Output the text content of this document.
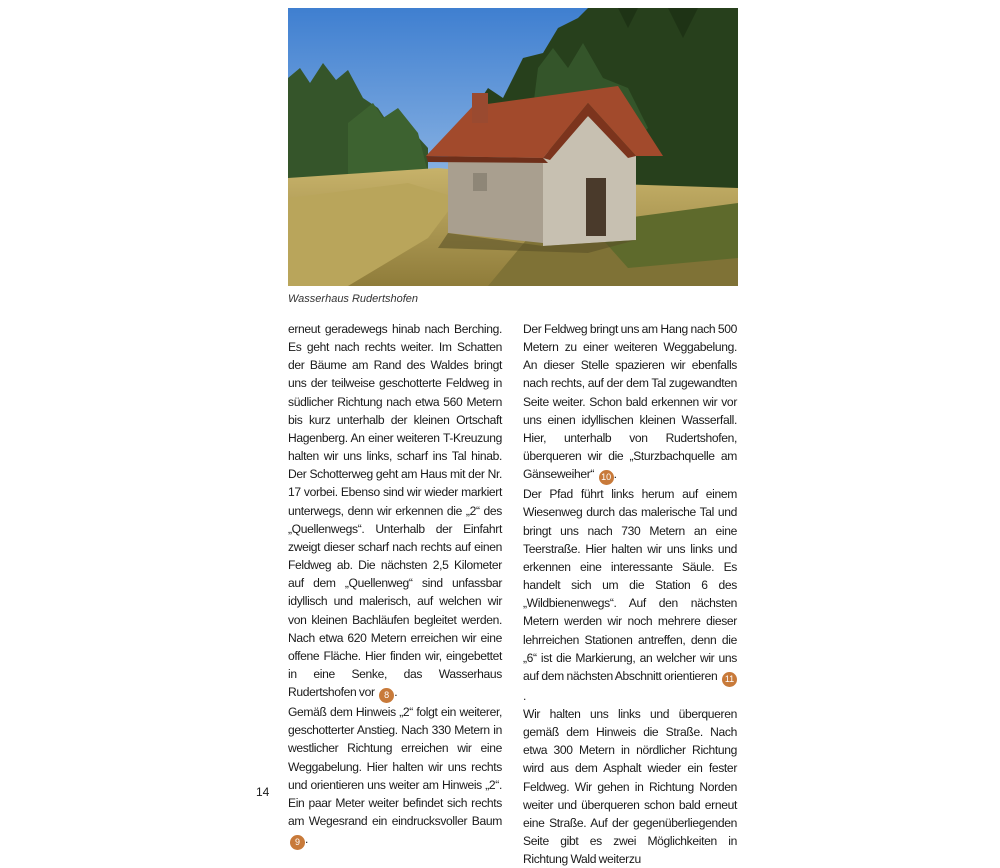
Wasserhaus Rudertshofen

erneut geradewegs hinab nach Berching. Es geht nach rechts weiter. Im Schatten der Bäume am Rand des Waldes bringt uns der teilweise geschotterte Feldweg in südlicher Richtung nach etwa 560 Metern bis kurz unterhalb der kleinen Ortschaft Hagenberg. An einer weiteren T-Kreuzung halten wir uns links, scharf ins Tal hinab. Der Schotterweg geht am Haus mit der Nr. 17 vorbei. Ebenso sind wir wieder markiert unterwegs, denn wir erkennen die „2“ des „Quellenwegs“. Unterhalb der Einfahrt zweigt dieser scharf nach rechts auf einen Feldweg ab. Die nächsten 2,5 Kilometer auf dem „Quellenweg“ sind unfassbar idyllisch und malerisch, auf welchen wir von kleinen Bachläufen begleitet werden. Nach etwa 620 Metern erreichen wir eine offene Fläche. Hier finden wir, eingebettet in eine Senke, das Wasserhaus Rudertshofen vor 8 .

Gemäß dem Hinweis „2“ folgt ein weiterer, geschotterter Anstieg. Nach 330 Metern in westlicher Richtung erreichen wir eine Weggabelung. Hier halten wir uns rechts und orientieren uns weiter am Hinweis „2“. Ein paar Meter weiter befindet sich rechts am Wegesrand ein eindrucksvoller Baum 9 .

Der Feldweg bringt uns am Hang nach 500 Metern zu einer weiteren Weggabelung. An dieser Stelle spazieren wir ebenfalls nach rechts, auf der dem Tal zugewandten Seite weiter. Schon bald erkennen wir vor uns einen idyllischen kleinen Wasserfall. Hier, unterhalb von Rudertshofen, überqueren wir die „Sturzbachquelle am Gänseweiher“ 10 .

Der Pfad führt links herum auf einem Wiesenweg durch das malerische Tal und bringt uns nach 730 Metern an eine Teerstraße. Hier halten wir uns links und erkennen eine interessante Säule. Es handelt sich um die Station 6 des „Wildbienenwegs“. Auf den nächsten Metern werden wir noch mehrere dieser lehrreichen Stationen antreffen, denn die „6“ ist die Markierung, an welcher wir uns auf dem nächsten Abschnitt orientieren 11.

Wir halten uns links und überqueren gemäß dem Hinweis die Straße. Nach etwa 300 Metern in nördlicher Richtung wird aus dem Asphalt wieder ein fester Feldweg. Wir gehen in Richtung Norden weiter und überqueren schon bald erneut eine Straße. Auf der gegenüberliegenden Seite gibt es zwei Möglichkeiten in Richtung Wald weiterzu

14
